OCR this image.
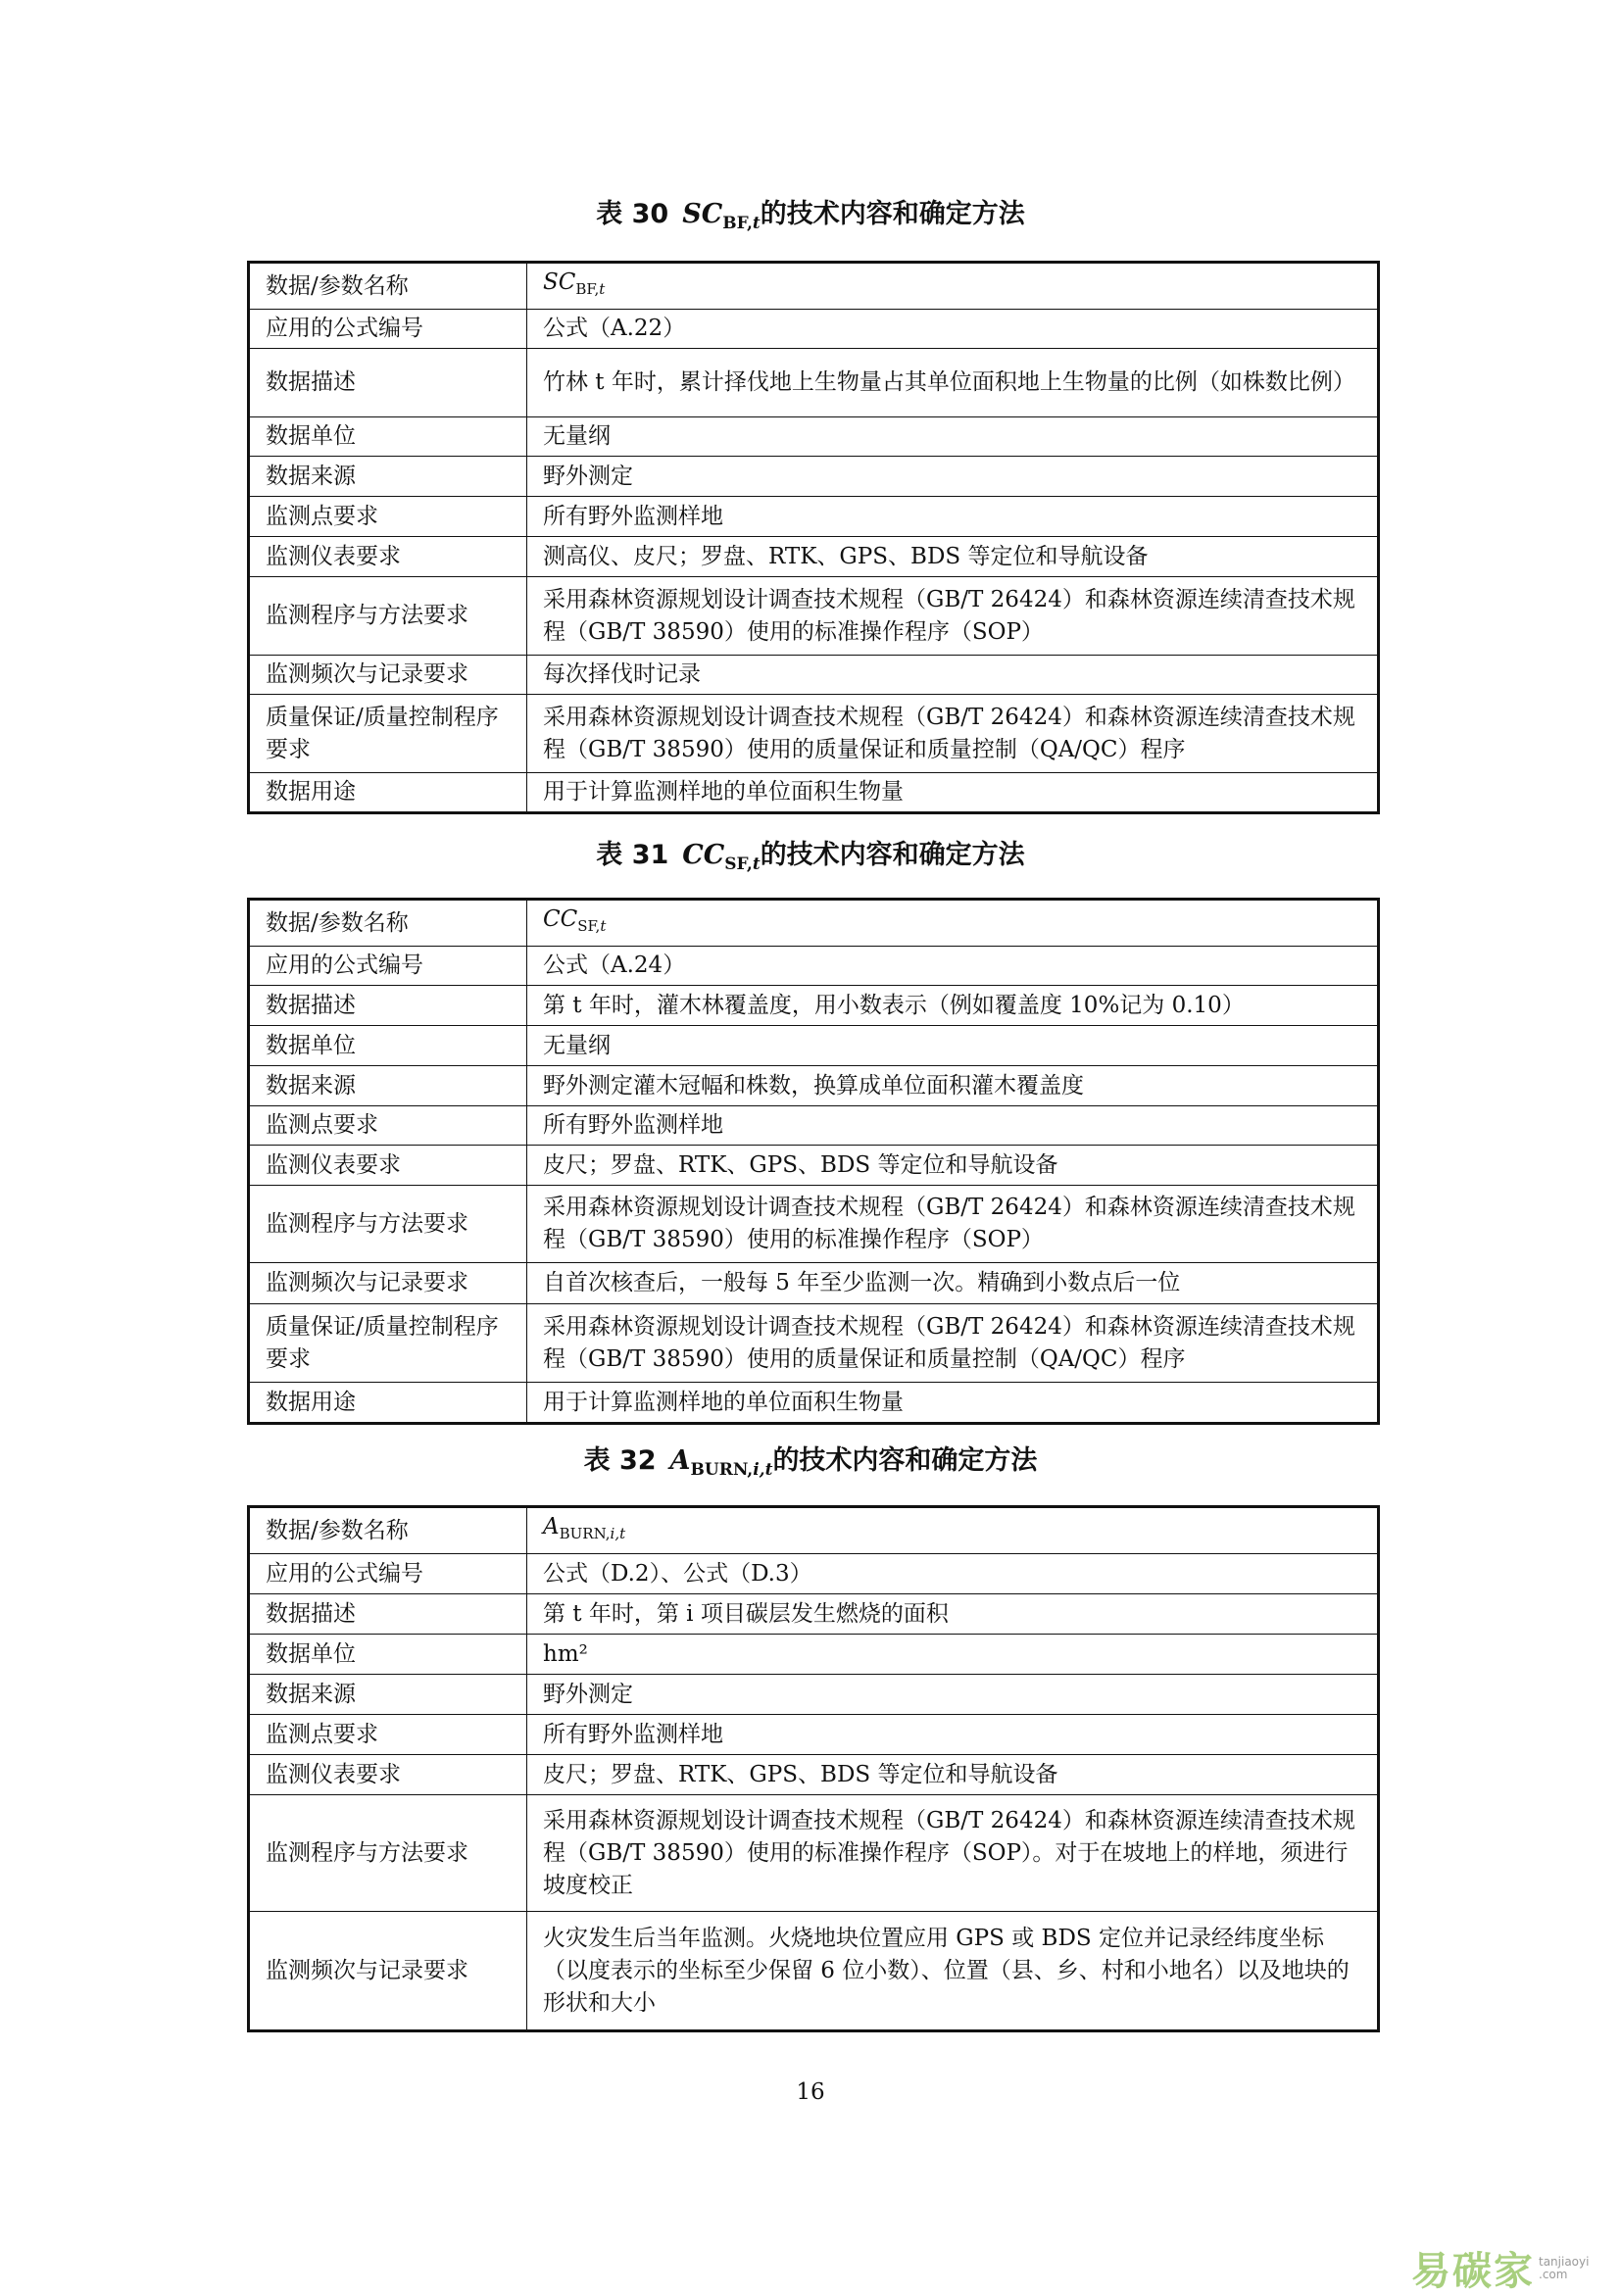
表 30 $SC_{BF,t}$的技术内容和确定方法
数据/参数名称	$SC_{BF,t}$
应用的公式编号	公式（A.22）
数据描述	竹林 t 年时，累计择伐地上生物量占其单位面积地上生物量的比例（如株数比例）
数据单位	无量纲
数据来源	野外测定
监测点要求	所有野外监测样地
监测仪表要求	测高仪、皮尺；罗盘、RTK、GPS、BDS 等定位和导航设备
监测程序与方法要求	采用森林资源规划设计调查技术规程（GB/T 26424）和森林资源连续清查技术规程（GB/T 38590）使用的标准操作程序（SOP）
监测频次与记录要求	每次择伐时记录
质量保证/质量控制程序要求	采用森林资源规划设计调查技术规程（GB/T 26424）和森林资源连续清查技术规程（GB/T 38590）使用的质量保证和质量控制（QA/QC）程序
数据用途	用于计算监测样地的单位面积生物量
表 31 $CC_{SF,t}$的技术内容和确定方法
数据/参数名称	$CC_{SF,t}$
应用的公式编号	公式（A.24）
数据描述	第 t 年时，灌木林覆盖度，用小数表示（例如覆盖度 10%记为 0.10）
数据单位	无量纲
数据来源	野外测定灌木冠幅和株数，换算成单位面积灌木覆盖度
监测点要求	所有野外监测样地
监测仪表要求	皮尺；罗盘、RTK、GPS、BDS 等定位和导航设备
监测程序与方法要求	采用森林资源规划设计调查技术规程（GB/T 26424）和森林资源连续清查技术规程（GB/T 38590）使用的标准操作程序（SOP）
监测频次与记录要求	自首次核查后，一般每 5 年至少监测一次。精确到小数点后一位
质量保证/质量控制程序要求	采用森林资源规划设计调查技术规程（GB/T 26424）和森林资源连续清查技术规程（GB/T 38590）使用的质量保证和质量控制（QA/QC）程序
数据用途	用于计算监测样地的单位面积生物量
表 32 $A_{BURN,i,t}$的技术内容和确定方法
数据/参数名称	$A_{BURN,i,t}$
应用的公式编号	公式（D.2）、公式（D.3）
数据描述	第 t 年时，第 i 项目碳层发生燃烧的面积
数据单位	hm²
数据来源	野外测定
监测点要求	所有野外监测样地
监测仪表要求	皮尺；罗盘、RTK、GPS、BDS 等定位和导航设备
监测程序与方法要求	采用森林资源规划设计调查技术规程（GB/T 26424）和森林资源连续清查技术规程（GB/T 38590）使用的标准操作程序（SOP）。对于在坡地上的样地，须进行坡度校正
监测频次与记录要求	火灾发生后当年监测。火烧地块位置应用 GPS 或 BDS 定位并记录经纬度坐标（以度表示的坐标至少保留 6 位小数）、位置（县、乡、村和小地名）以及地块的形状和大小
16
易碳家 tanjiaoyi
.com
